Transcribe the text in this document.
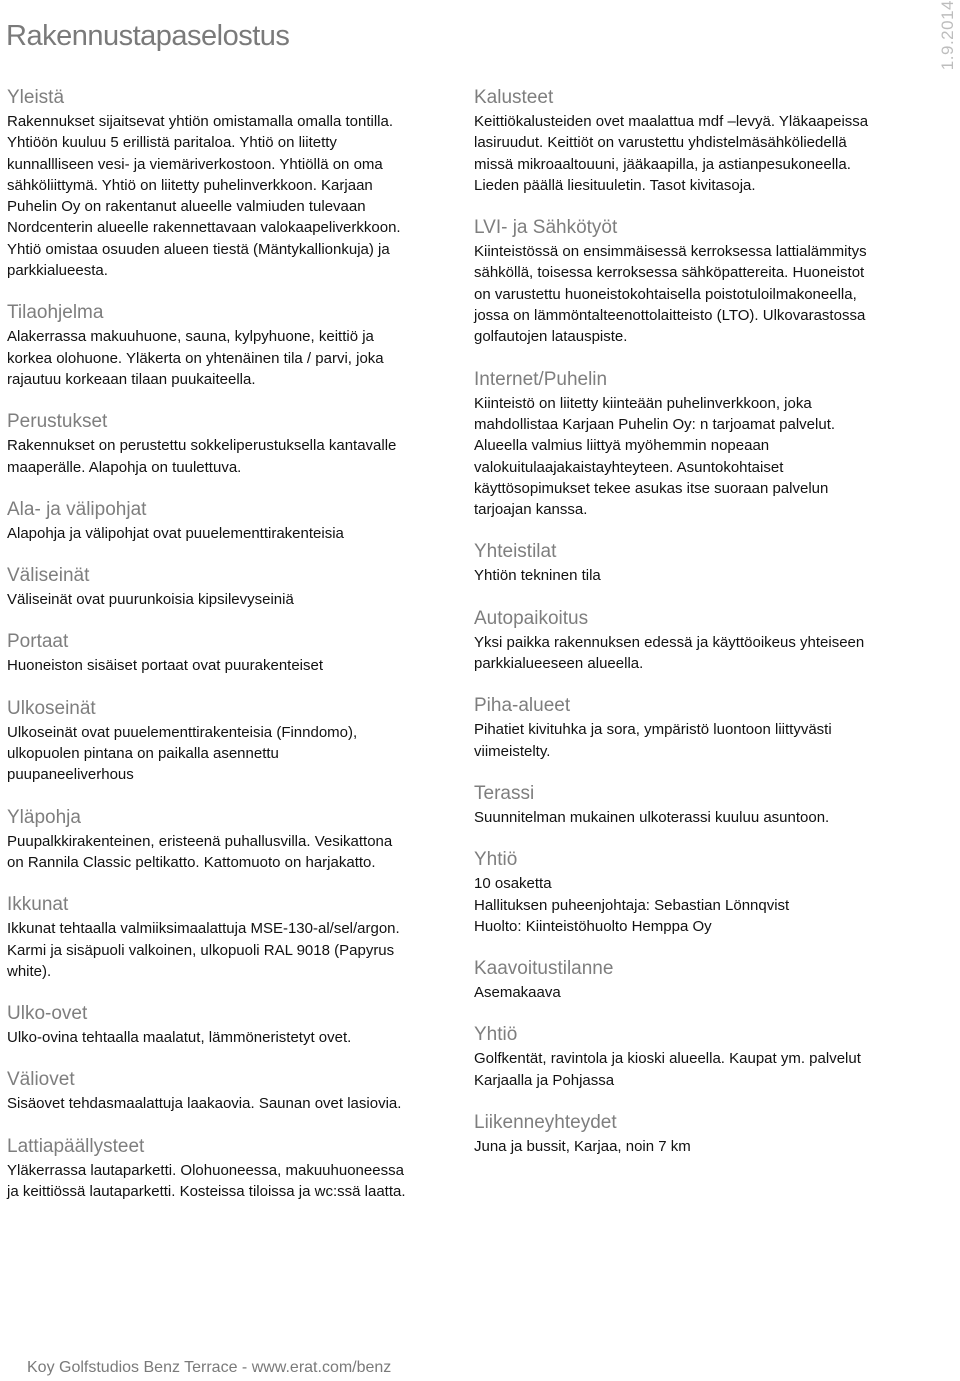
Rakennustapaselostus	1.9.2014
Yleistä
Rakennukset sijaitsevat yhtiön omistamalla omalla tontilla. Yhtiöön kuuluu 5 erillistä paritaloa. Yhtiö on liitetty kunnallliseen vesi- ja viemäriverkostoon. Yhtiöllä on oma sähköliittymä. Yhtiö on liitetty puhelinverkkoon. Karjaan Puhelin Oy on rakentanut alueelle valmiuden tulevaan Nordcenterin alueelle rakennettavaan valokaapeliverkkoon. Yhtiö omistaa osuuden alueen tiestä (Mäntykallionkuja) ja parkkialueesta.
Tilaohjelma
Alakerrassa makuuhuone, sauna, kylpyhuone, keittiö ja korkea olohuone. Yläkerta on yhtenäinen tila / parvi, joka rajautuu korkeaan tilaan puukaiteella.
Perustukset
Rakennukset on perustettu sokkeliperustuksella kantavalle maaperälle. Alapohja on tuulettuva.
Ala- ja välipohjat
Alapohja ja välipohjat ovat puuelementtirakenteisia
Väliseinät
Väliseinät ovat puurunkoisia kipsilevyseiniä
Portaat
Huoneiston sisäiset portaat ovat puurakenteiset
Ulkoseinät
Ulkoseinät ovat puuelementtirakenteisia (Finndomo), ulkopuolen pintana on paikalla asennettu puupaneeliverhous
Yläpohja
Puupalkkirakenteinen, eristeenä puhallusvilla. Vesikattona on Rannila Classic peltikatto. Kattomuoto on harjakatto.
Ikkunat
Ikkunat tehtaalla valmiiksimaalattuja MSE-130-al/sel/argon. Karmi ja sisäpuoli valkoinen, ulkopuoli RAL 9018 (Papyrus white).
Ulko-ovet
Ulko-ovina tehtaalla maalatut, lämmöneristetyt ovet.
Väliovet
Sisäovet tehdasmaalattuja laakaovia. Saunan ovet lasiovia.
Lattiapäällysteet
Yläkerrassa lautaparketti. Olohuoneessa, makuuhuoneessa ja keittiössä lautaparketti. Kosteissa tiloissa ja wc:ssä laatta.
Kalusteet
Keittiökalusteiden ovet maalattua mdf –levyä. Yläkaapeissa lasiruudut. Keittiöt on varustettu yhdistelmäsähköliedellä missä mikroaaltouuni, jääkaapilla, ja astianpesukoneella. Lieden päällä liesituuletin. Tasot kivitasoja.
LVI- ja Sähkötyöt
Kiinteistössä on ensimmäisessä kerroksessa lattialämmitys sähköllä, toisessa kerroksessa sähköpattereita. Huoneistot on varustettu huoneistokohtaisella poistotuloilmakoneella, jossa on lämmöntalteenottolaitteisto (LTO). Ulkovarastossa golfautojen latauspiste.
Internet/Puhelin
Kiinteistö on liitetty kiinteään puhelinverkkoon, joka mahdollistaa Karjaan Puhelin Oy: n tarjoamat palvelut. Alueella valmius liittyä myöhemmin nopeaan valokuitulaajakaistayhteyteen. Asuntokohtaiset käyttösopimukset tekee asukas itse suoraan palvelun tarjoajan kanssa.
Yhteistilat
Yhtiön tekninen tila
Autopaikoitus
Yksi paikka rakennuksen edessä ja käyttöoikeus yhteiseen parkkialueeseen alueella.
Piha-alueet
Pihatiet kivituhka ja sora, ympäristö luontoon liittyvästi viimeistelty.
Terassi
Suunnitelman mukainen ulkoterassi kuuluu asuntoon.
Yhtiö
10 osaketta
Hallituksen puheenjohtaja: Sebastian Lönnqvist
Huolto: Kiinteistöhuolto Hemppa Oy
Kaavoitustilanne
Asemakaava
Yhtiö
Golfkentät, ravintola ja kioski alueella. Kaupat ym. palvelut Karjaalla ja Pohjassa
Liikenneyhteydet
Juna ja bussit, Karjaa, noin 7 km
Koy Golfstudios Benz Terrace - www.erat.com/benz
